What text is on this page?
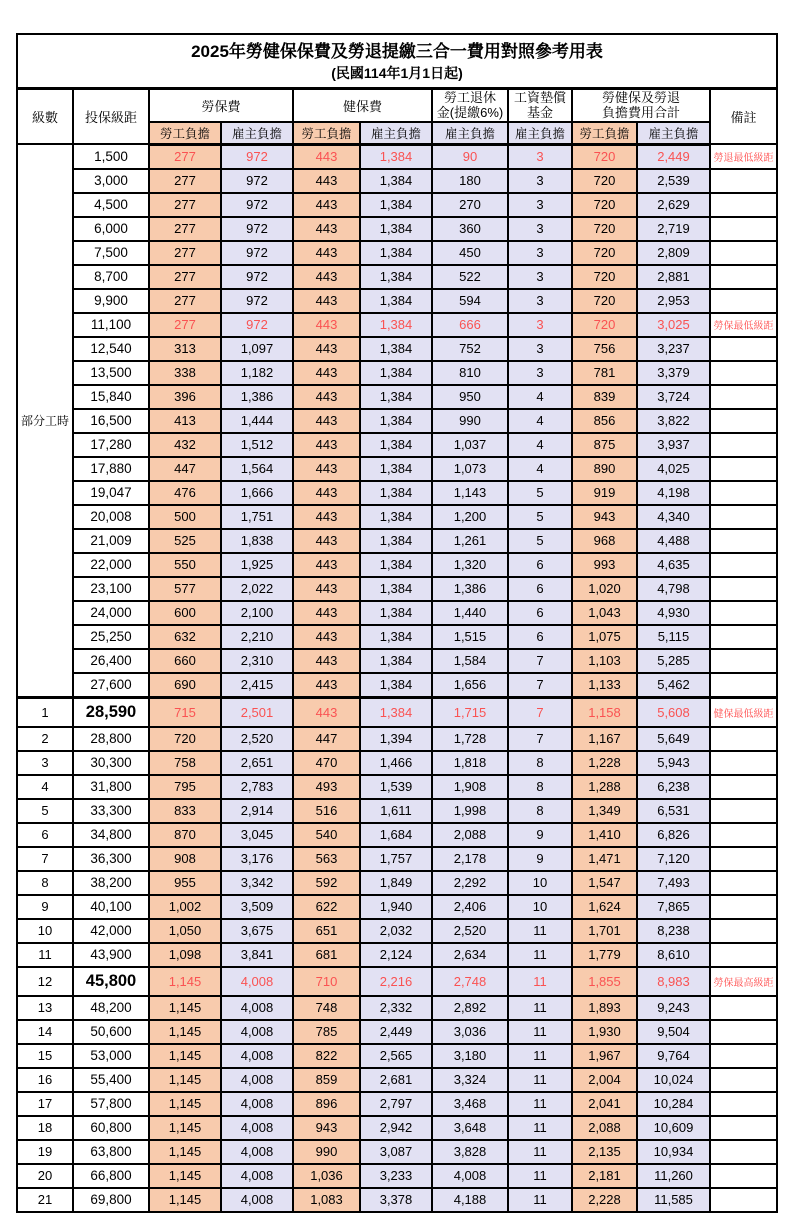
2025年勞健保保費及勞退提繳三合一費用對照參考用表
(民國114年1月1日起)										

級數	投保級距	勞保費		健保費		勞工退休
金(提繳6%)	工資墊償
基金	勞健保及勞退
負擔費用合計		備註
		勞工負擔	雇主負擔	勞工負擔	雇主負擔	雇主負擔	雇主負擔	勞工負擔	雇主負擔	
部分工時	1,500	277	972	443	1,384	90	3	720	2,449	勞退最低級距
	3,000	277	972	443	1,384	180	3	720	2,539	
	4,500	277	972	443	1,384	270	3	720	2,629	
	6,000	277	972	443	1,384	360	3	720	2,719	
	7,500	277	972	443	1,384	450	3	720	2,809	
	8,700	277	972	443	1,384	522	3	720	2,881	
	9,900	277	972	443	1,384	594	3	720	2,953	
	11,100	277	972	443	1,384	666	3	720	3,025	勞保最低級距
	12,540	313	1,097	443	1,384	752	3	756	3,237	
	13,500	338	1,182	443	1,384	810	3	781	3,379	
	15,840	396	1,386	443	1,384	950	4	839	3,724	
	16,500	413	1,444	443	1,384	990	4	856	3,822	
	17,280	432	1,512	443	1,384	1,037	4	875	3,937	
	17,880	447	1,564	443	1,384	1,073	4	890	4,025	
	19,047	476	1,666	443	1,384	1,143	5	919	4,198	
	20,008	500	1,751	443	1,384	1,200	5	943	4,340	
	21,009	525	1,838	443	1,384	1,261	5	968	4,488	
	22,000	550	1,925	443	1,384	1,320	6	993	4,635	
	23,100	577	2,022	443	1,384	1,386	6	1,020	4,798	
	24,000	600	2,100	443	1,384	1,440	6	1,043	4,930	
	25,250	632	2,210	443	1,384	1,515	6	1,075	5,115	
	26,400	660	2,310	443	1,384	1,584	7	1,103	5,285	
	27,600	690	2,415	443	1,384	1,656	7	1,133	5,462	
1	28,590	715	2,501	443	1,384	1,715	7	1,158	5,608	健保最低級距
2	28,800	720	2,520	447	1,394	1,728	7	1,167	5,649	
3	30,300	758	2,651	470	1,466	1,818	8	1,228	5,943	
4	31,800	795	2,783	493	1,539	1,908	8	1,288	6,238	
5	33,300	833	2,914	516	1,611	1,998	8	1,349	6,531	
6	34,800	870	3,045	540	1,684	2,088	9	1,410	6,826	
7	36,300	908	3,176	563	1,757	2,178	9	1,471	7,120	
8	38,200	955	3,342	592	1,849	2,292	10	1,547	7,493	
9	40,100	1,002	3,509	622	1,940	2,406	10	1,624	7,865	
10	42,000	1,050	3,675	651	2,032	2,520	11	1,701	8,238	
11	43,900	1,098	3,841	681	2,124	2,634	11	1,779	8,610	
12	45,800	1,145	4,008	710	2,216	2,748	11	1,855	8,983	勞保最高級距
13	48,200	1,145	4,008	748	2,332	2,892	11	1,893	9,243	
14	50,600	1,145	4,008	785	2,449	3,036	11	1,930	9,504	
15	53,000	1,145	4,008	822	2,565	3,180	11	1,967	9,764	
16	55,400	1,145	4,008	859	2,681	3,324	11	2,004	10,024	
17	57,800	1,145	4,008	896	2,797	3,468	11	2,041	10,284	
18	60,800	1,145	4,008	943	2,942	3,648	11	2,088	10,609	
19	63,800	1,145	4,008	990	3,087	3,828	11	2,135	10,934	
20	66,800	1,145	4,008	1,036	3,233	4,008	11	2,181	11,260	
21	69,800	1,145	4,008	1,083	3,378	4,188	11	2,228	11,585	
